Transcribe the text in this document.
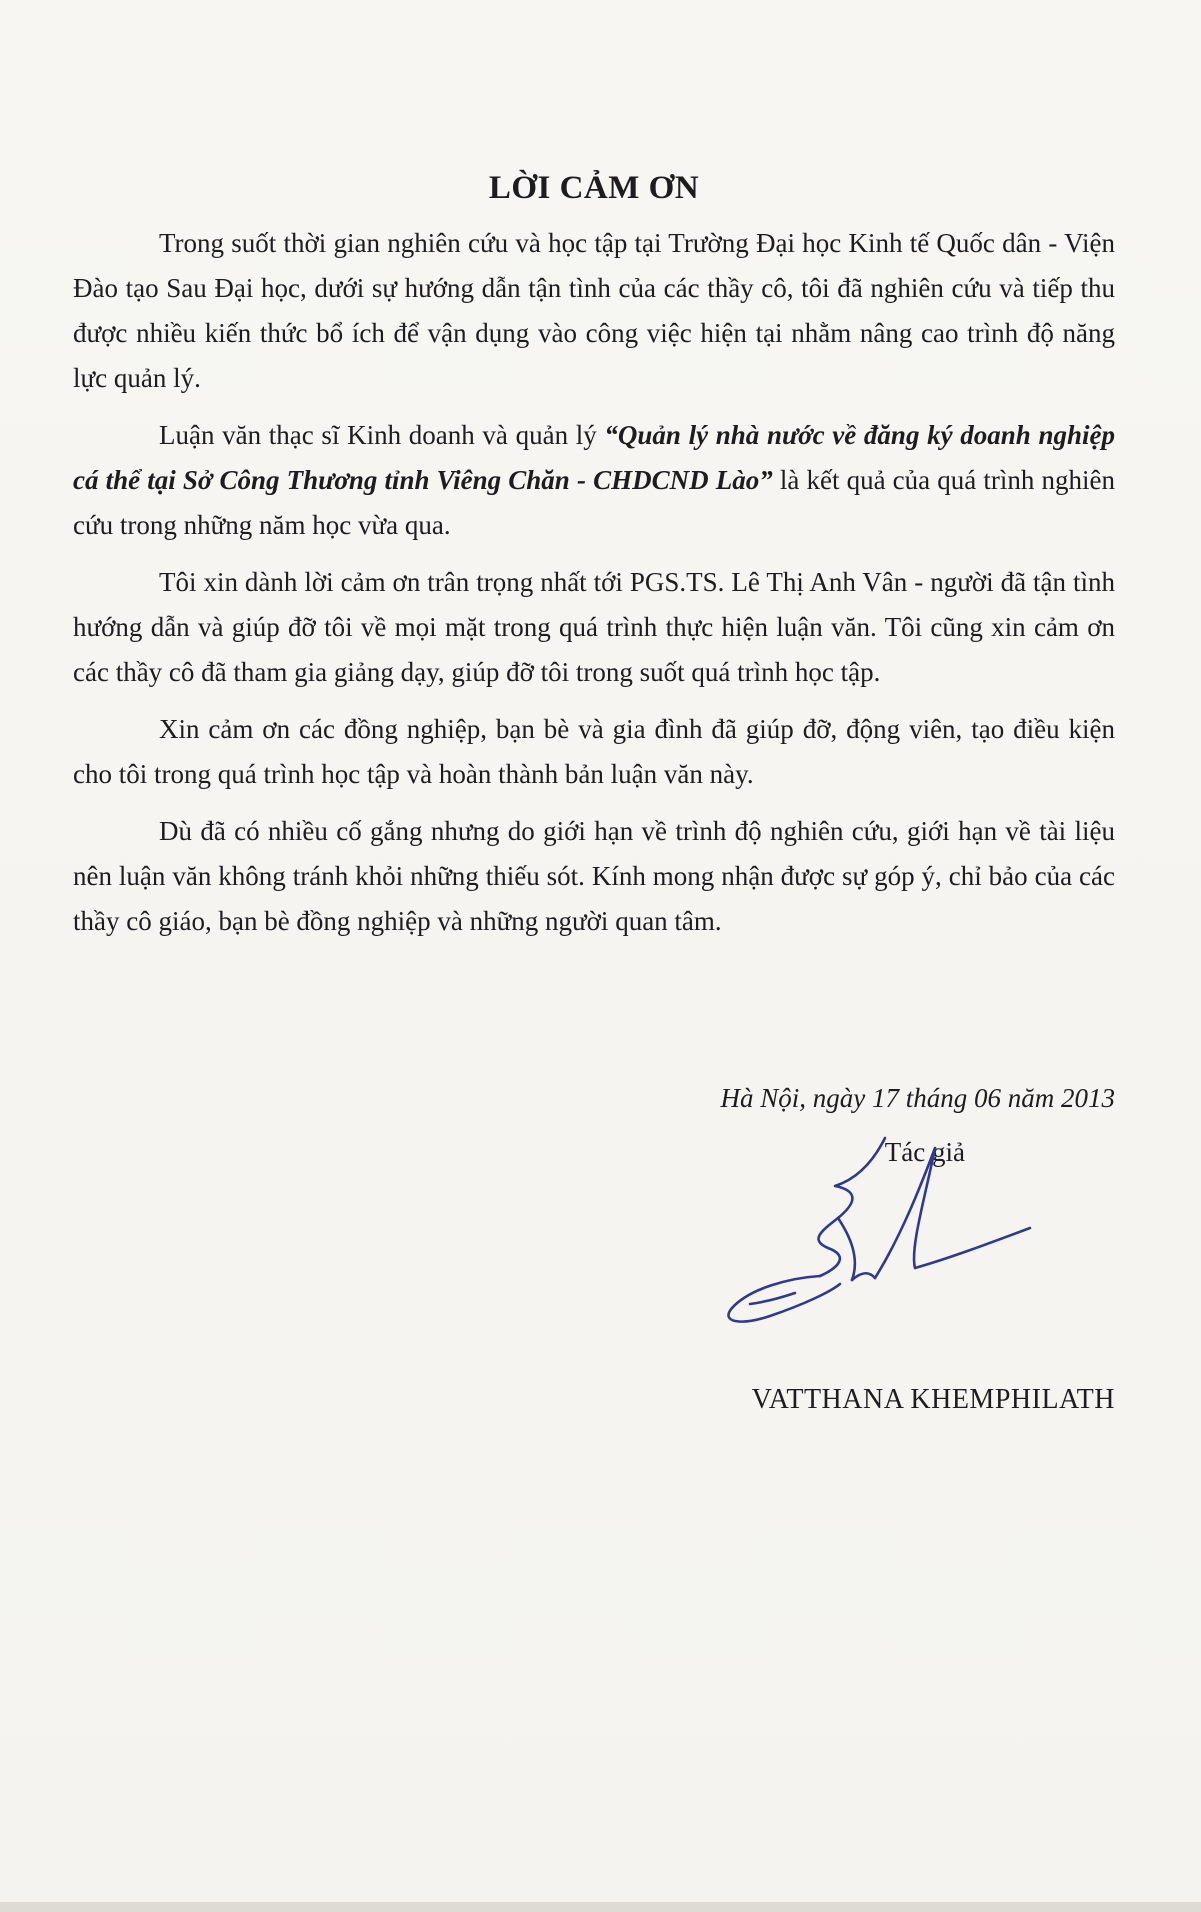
LỜI CẢM ƠN

Trong suốt thời gian nghiên cứu và học tập tại Trường Đại học Kinh tế Quốc dân - Viện Đào tạo Sau Đại học, dưới sự hướng dẫn tận tình của các thầy cô, tôi đã nghiên cứu và tiếp thu được nhiều kiến thức bổ ích để vận dụng vào công việc hiện tại nhằm nâng cao trình độ năng lực quản lý.

Luận văn thạc sĩ Kinh doanh và quản lý “Quản lý nhà nước về đăng ký doanh nghiệp cá thể tại Sở Công Thương tỉnh Viêng Chăn - CHDCND Lào” là kết quả của quá trình nghiên cứu trong những năm học vừa qua.

Tôi xin dành lời cảm ơn trân trọng nhất tới PGS.TS. Lê Thị Anh Vân - người đã tận tình hướng dẫn và giúp đỡ tôi về mọi mặt trong quá trình thực hiện luận văn. Tôi cũng xin cảm ơn các thầy cô đã tham gia giảng dạy, giúp đỡ tôi trong suốt quá trình học tập.

Xin cảm ơn các đồng nghiệp, bạn bè và gia đình đã giúp đỡ, động viên, tạo điều kiện cho tôi trong quá trình học tập và hoàn thành bản luận văn này.

Dù đã có nhiều cố gắng nhưng do giới hạn về trình độ nghiên cứu, giới hạn về tài liệu nên luận văn không tránh khỏi những thiếu sót. Kính mong nhận được sự góp ý, chỉ bảo của các thầy cô giáo, bạn bè đồng nghiệp và những người quan tâm.

Hà Nội, ngày 17 tháng 06 năm 2013
Tác giả
VATTHANA KHEMPHILATH
